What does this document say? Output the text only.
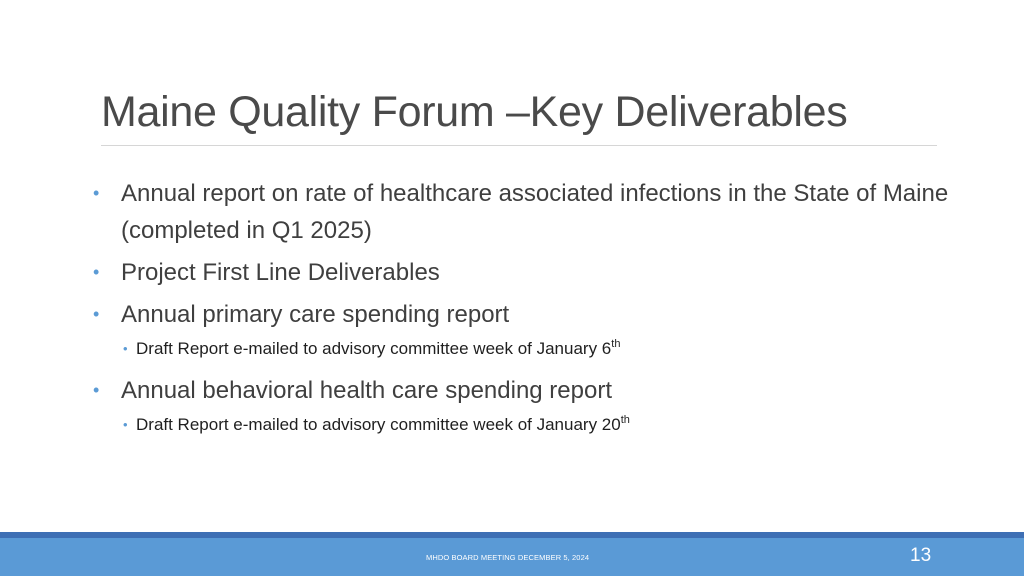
Maine Quality Forum –Key Deliverables
• Annual report on rate of healthcare associated infections in the State of Maine (completed in Q1 2025)
• Project First Line Deliverables
• Annual primary care spending report
• Draft Report e-mailed to advisory committee week of January 6th
• Annual behavioral health care spending report
• Draft Report e-mailed to advisory committee week of January 20th
MHDO BOARD MEETING DECEMBER 5, 2024	13
